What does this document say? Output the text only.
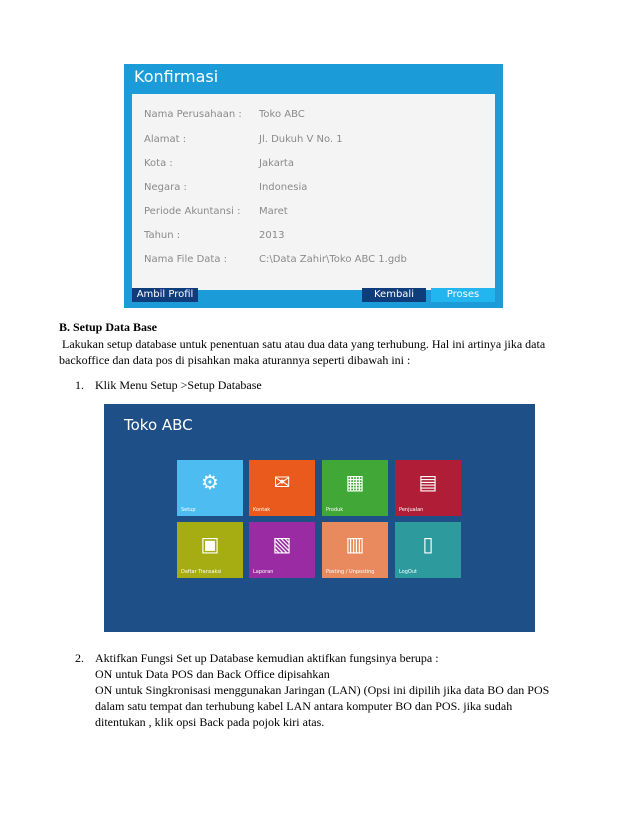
Konfirmasi
Nama Perusahaan : Toko ABC
Alamat :	Jl. Dukuh V No. 1
Kota :	Jakarta
Negara :	Indonesia
Periode Akuntansi : Maret
Tahun :	2013
Nama File Data :	C:\Data Zahir\Toko ABC 1.gdb
Ambil Profil	Kembali	Proses
B. Setup Data Base
Lakukan setup database untuk penentuan satu atau dua data yang terhubung. Hal ini artinya jika data
backoffice dan data pos di pisahkan maka aturannya seperti dibawah ini :
1. Klik Menu Setup >Setup Database
Toko ABC
⚙
Setup
✉
Kontak
▦
Produk
▤
Penjualan
▣
Daftar Transaksi
▧
Laporan
▥
Posting / Unposting
▯
LogOut
2. Aktifkan Fungsi Set up Database kemudian aktifkan fungsinya berupa :
ON untuk Data POS dan Back Office dipisahkan
ON untuk Singkronisasi menggunakan Jaringan (LAN) (Opsi ini dipilih jika data BO dan POS
dalam satu tempat dan terhubung kabel LAN antara komputer BO dan POS. jika sudah
ditentukan , klik opsi Back pada pojok kiri atas.
